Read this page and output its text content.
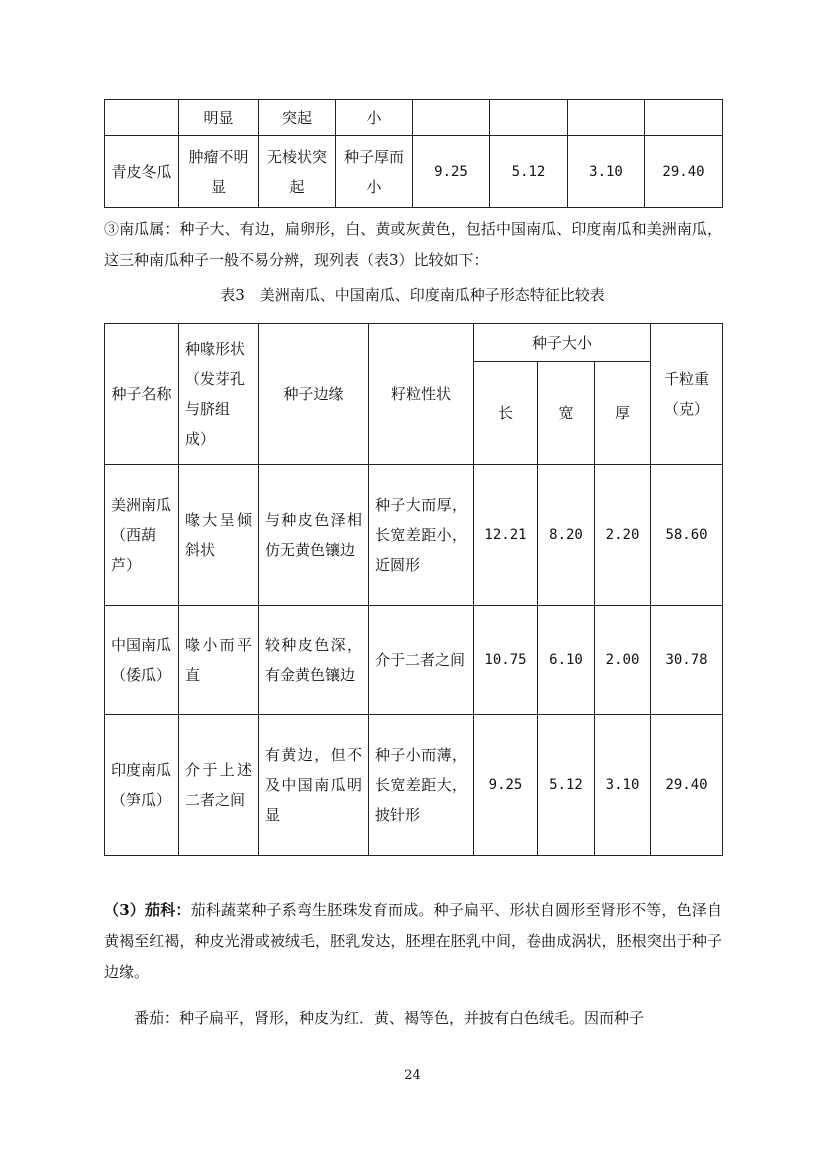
	明显	突起	小				
青皮冬瓜	肿瘤不明显	无棱状突起	种子厚而小	9.25	5.12	3.10	29.40

③南瓜属：种子大、有边，扁卵形，白、黄或灰黄色，包括中国南瓜、印度南瓜和美洲南瓜，这三种南瓜种子一般不易分辨，现列表（表3）比较如下：

表3　美洲南瓜、中国南瓜、印度南瓜种子形态特征比较表

种子名称	种喙形状（发芽孔与脐组成）	种子边缘	籽粒性状	种子大小			千粒重（克）
				长	宽	厚	
美洲南瓜（西葫芦）	喙大呈倾斜状	与种皮色泽相仿无黄色镶边	种子大而厚，长宽差距小，近圆形	12.21	8.20	2.20	58.60
中国南瓜（倭瓜）	喙小而平直	较种皮色深，有金黄色镶边	介于二者之间	10.75	6.10	2.00	30.78
印度南瓜（笋瓜）	介于上述二者之间	有黄边，但不及中国南瓜明显	种子小而薄，长宽差距大，披针形	9.25	5.12	3.10	29.40

（3）茄科：茄科蔬菜种子系弯生胚珠发育而成。种子扁平、形状自圆形至肾形不等，色泽自黄褐至红褐，种皮光滑或被绒毛，胚乳发达，胚埋在胚乳中间，卷曲成涡状，胚根突出于种子边缘。

番茄：种子扁平，肾形，种皮为红．黄、褐等色，并披有白色绒毛。因而种子

24
